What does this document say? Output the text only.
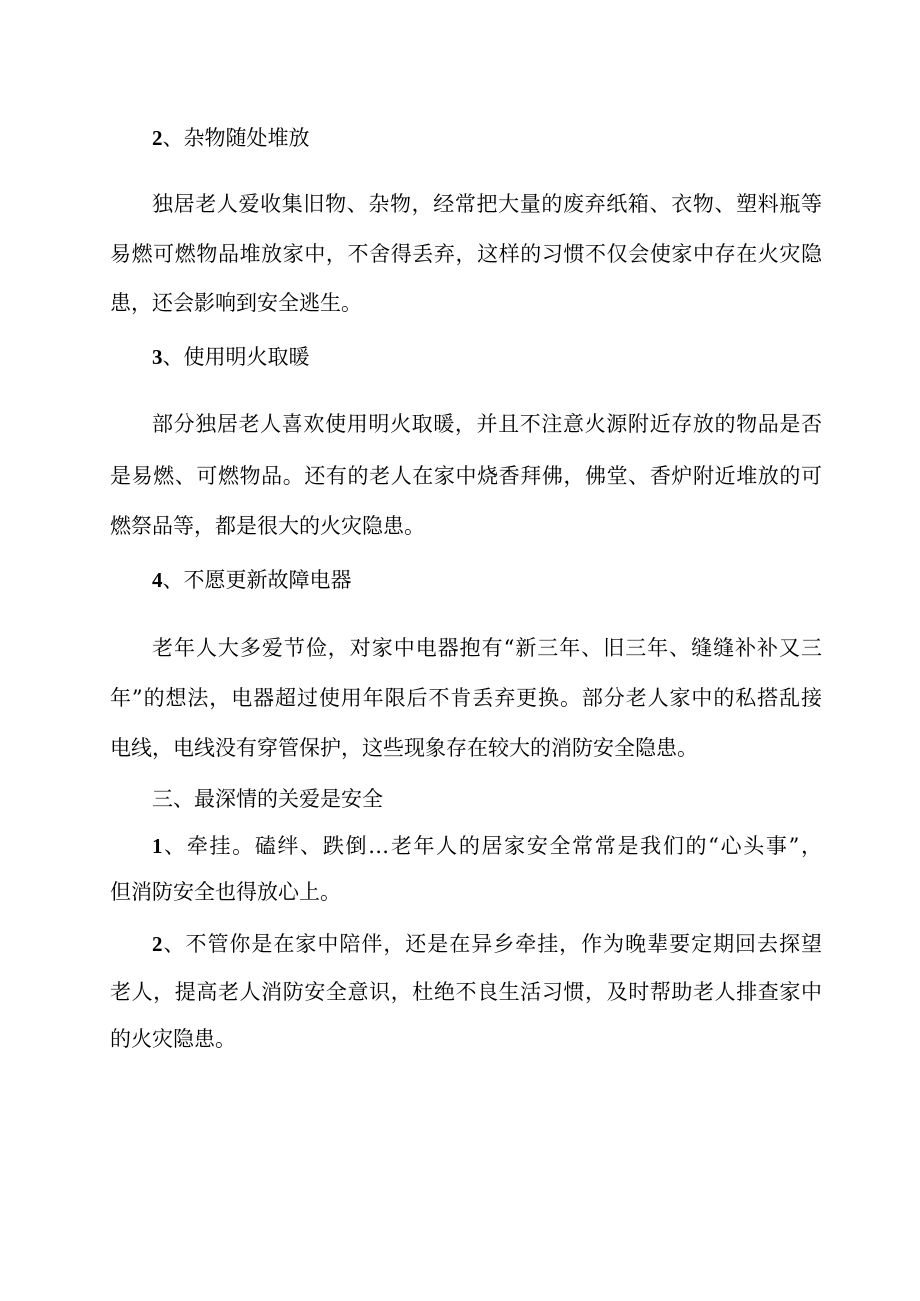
2、杂物随处堆放

独居老人爱收集旧物、杂物，经常把大量的废弃纸箱、衣物、塑料瓶等

易燃可燃物品堆放家中，不舍得丢弃，这样的习惯不仅会使家中存在火灾隐

患，还会影响到安全逃生。

3、使用明火取暖

部分独居老人喜欢使用明火取暖，并且不注意火源附近存放的物品是否

是易燃、可燃物品。还有的老人在家中烧香拜佛，佛堂、香炉附近堆放的可

燃祭品等，都是很大的火灾隐患。

4、不愿更新故障电器

老年人大多爱节俭，对家中电器抱有“新三年、旧三年、缝缝补补又三

年”的想法，电器超过使用年限后不肯丢弃更换。部分老人家中的私搭乱接

电线，电线没有穿管保护，这些现象存在较大的消防安全隐患。

三、最深情的关爱是安全

1、牵挂。磕绊、跌倒…老年人的居家安全常常是我们的“心头事”，

但消防安全也得放心上。

2、不管你是在家中陪伴，还是在异乡牵挂，作为晚辈要定期回去探望

老人，提高老人消防安全意识，杜绝不良生活习惯，及时帮助老人排查家中

的火灾隐患。
